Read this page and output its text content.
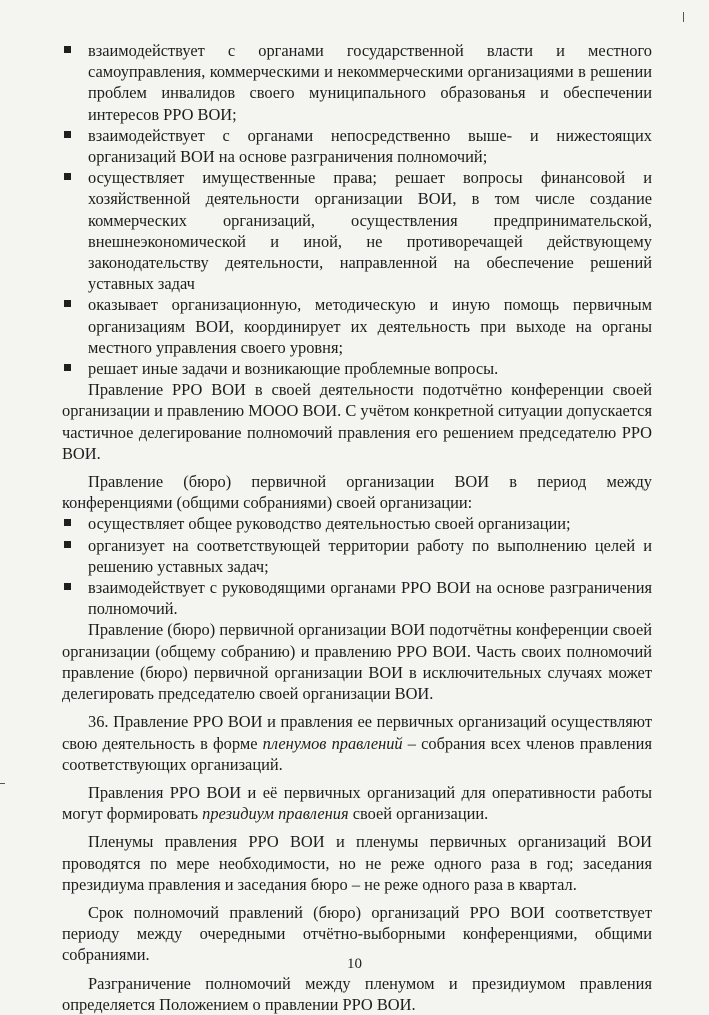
взаимодействует с органами государственной власти и местного самоуправления, коммерческими и некоммерческими организациями в решении проблем инвалидов своего муниципального образованья и обеспечении интересов РРО ВОИ;
взаимодействует с органами непосредственно выше- и нижестоящих организаций ВОИ на основе разграничения полномочий;
осуществляет имущественные права; решает вопросы финансовой и хозяйственной деятельности организации ВОИ, в том числе создание коммерческих организаций, осуществления предпринимательской, внешнеэкономической и иной, не противоречащей действующему законодательству деятельности, направленной на обеспечение решений уставных задач
оказывает организационную, методическую и иную помощь первичным организациям ВОИ, координирует их деятельность при выходе на органы местного управления своего уровня;
решает иные задачи и возникающие проблемные вопросы.

Правление РРО ВОИ в своей деятельности подотчётно конференции своей организации и правлению МООО ВОИ. С учётом конкретной ситуации допускается частичное делегирование полномочий правления его решением председателю РРО ВОИ.

Правление (бюро) первичной организации ВОИ в период между конференциями (общими собраниями) своей организации:

осуществляет общее руководство деятельностью своей организации;
организует на соответствующей территории работу по выполнению целей и решению уставных задач;
взаимодействует с руководящими органами РРО ВОИ на основе разграничения полномочий.

Правление (бюро) первичной организации ВОИ подотчётны конференции своей организации (общему собранию) и правлению РРО ВОИ. Часть своих полномочий правление (бюро) первичной организации ВОИ в исключительных случаях может делегировать председателю своей организации ВОИ.

36. Правление РРО ВОИ и правления ее первичных организаций осуществляют свою деятельность в форме пленумов правлений – собрания всех членов правления соответствующих организаций.

Правления РРО ВОИ и её первичных организаций для оперативности работы могут формировать президиум правления своей организации.

Пленумы правления РРО ВОИ и пленумы первичных организаций ВОИ проводятся по мере необходимости, но не реже одного раза в год; заседания президиума правления и заседания бюро – не реже одного раза в квартал.

Срок полномочий правлений (бюро) организаций РРО ВОИ соответствует периоду между очередными отчётно-выборными конференциями, общими собраниями.

Разграничение полномочий между пленумом и президиумом правления определяется Положением о правлении РРО ВОИ.

10
